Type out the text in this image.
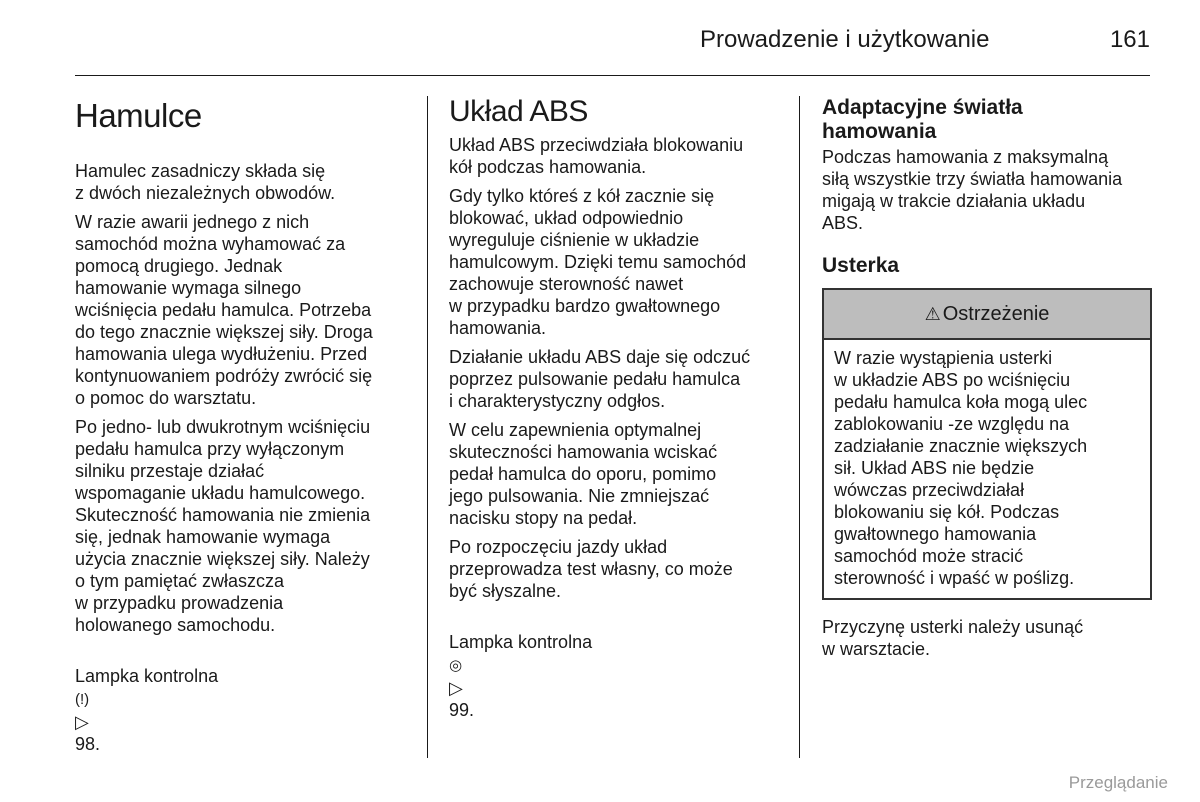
Prowadzenie i użytkowanie	161
Hamulce

Hamulec zasadniczy składa się
z dwóch niezależnych obwodów.

W razie awarii jednego z nich
samochód można wyhamować za
pomocą drugiego. Jednak
hamowanie wymaga silnego
wciśnięcia pedału hamulca. Potrzeba
do tego znacznie większej siły. Droga
hamowania ulega wydłużeniu. Przed
kontynuowaniem podróży zwrócić się
o pomoc do warsztatu.

Po jedno- lub dwukrotnym wciśnięciu
pedału hamulca przy wyłączonym
silniku przestaje działać
wspomaganie układu hamulcowego.
Skuteczność hamowania nie zmienia
się, jednak hamowanie wymaga
użycia znacznie większej siły. Należy
o tym pamiętać zwłaszcza
w przypadku prowadzenia
holowanego samochodu.

Lampka kontrolna
(!)
▷
98.

Układ ABS

Układ ABS przeciwdziała blokowaniu
kół podczas hamowania.

Gdy tylko któreś z kół zacznie się
blokować, układ odpowiednio
wyreguluje ciśnienie w układzie
hamulcowym. Dzięki temu samochód
zachowuje sterowność nawet
w przypadku bardzo gwałtownego
hamowania.

Działanie układu ABS daje się odczuć
poprzez pulsowanie pedału hamulca
i charakterystyczny odgłos.

W celu zapewnienia optymalnej
skuteczności hamowania wciskać
pedał hamulca do oporu, pomimo
jego pulsowania. Nie zmniejszać
nacisku stopy na pedał.

Po rozpoczęciu jazdy układ
przeprowadza test własny, co może
być słyszalne.

Lampka kontrolna
◎
▷
99.

Adaptacyjne światła
hamowania

Podczas hamowania z maksymalną
siłą wszystkie trzy światła hamowania
migają w trakcie działania układu
ABS.

Usterka
⚠ Ostrzeżenie
W razie wystąpienia usterki
w układzie ABS po wciśnięciu
pedału hamulca koła mogą ulec
zablokowaniu -ze względu na
zadziałanie znacznie większych
sił. Układ ABS nie będzie
wówczas przeciwdziałał
blokowaniu się kół. Podczas
gwałtownego hamowania
samochód może stracić
sterowność i wpaść w poślizg.

Przyczynę usterki należy usunąć
w warsztacie.

Przeglądanie
